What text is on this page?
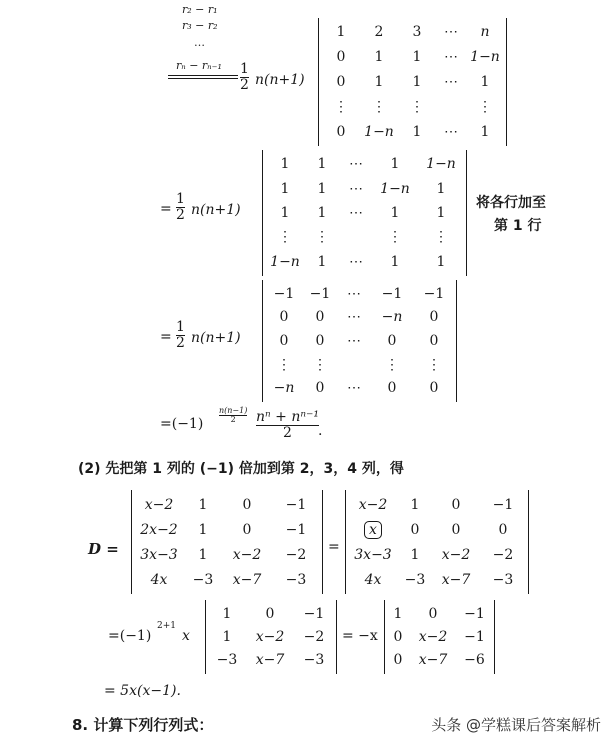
r₂ − r₁
r₃ − r₂
…
rₙ − rₙ₋₁ 1
2 n(n+1)
1 2 3 ⋯ n
0 1 1 ⋯ 1−n
0 1 1 ⋯ 1
⋮ ⋮ ⋮	⋮
0 1−n 1 ⋯ 1
=
1
2 n(n+1)
1 1 ⋯ 1 1−n
1 1 ⋯ 1−n 1
1 1 ⋯ 1	1
⋮ ⋮	⋮ ⋮
1−n 1 ⋯ 1	1
将各行加至
第 1 行
=
1
2 n(n+1)
−1 −1 ⋯ −1 −1
0 0 ⋯ −n 0
0 0 ⋯ 0 0
⋮ ⋮	⋮ ⋮
−n 0 ⋯ 0 0
=(−1)
n(n−1)
2 nⁿ + nⁿ⁻¹
2 .
(2) 先把第 1 列的 (−1) 倍加到第 2，3，4 列，得
D =
x−2 1	0 −1
2x−2 1	0 −1
3x−3 1 x−2 −2
4x −3 x−7 −3
=
x−2 1 0 −1
x	0 0	0
3x−3 1 x−2 −2
4x −3 x−7 −3
=(−1)
2+1
x
1 0 −1
1 x−2 −2
−3 x−7 −3
= −x
1 0 −1
0 x−2 −1
0 x−7 −6
= 5x(x−1).
8. 计算下列行列式：	头条 @学糕课后答案解析
